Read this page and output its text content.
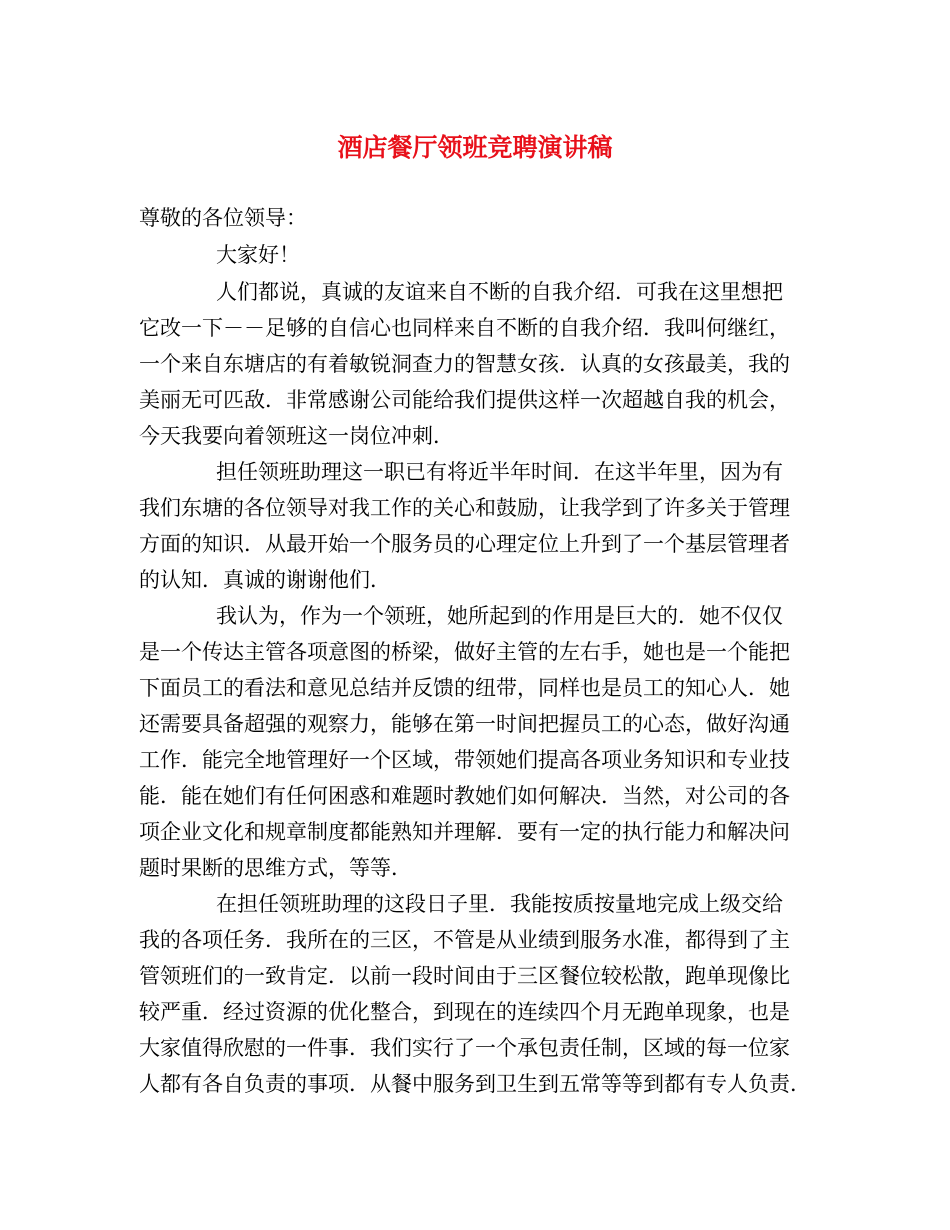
酒店餐厅领班竞聘演讲稿

尊敬的各位领导：

大家好！

人们都说，真诚的友谊来自不断的自我介绍．可我在这里想把

它改一下－－足够的自信心也同样来自不断的自我介绍．我叫何继红，

一个来自东塘店的有着敏锐洞查力的智慧女孩．认真的女孩最美，我的

美丽无可匹敌．非常感谢公司能给我们提供这样一次超越自我的机会，

今天我要向着领班这一岗位冲刺．

担任领班助理这一职已有将近半年时间．在这半年里，因为有

我们东塘的各位领导对我工作的关心和鼓励，让我学到了许多关于管理

方面的知识．从最开始一个服务员的心理定位上升到了一个基层管理者

的认知．真诚的谢谢他们．

我认为，作为一个领班，她所起到的作用是巨大的．她不仅仅

是一个传达主管各项意图的桥梁，做好主管的左右手，她也是一个能把

下面员工的看法和意见总结并反馈的纽带，同样也是员工的知心人．她

还需要具备超强的观察力，能够在第一时间把握员工的心态，做好沟通

工作．能完全地管理好一个区域，带领她们提高各项业务知识和专业技

能．能在她们有任何困惑和难题时教她们如何解决．当然，对公司的各

项企业文化和规章制度都能熟知并理解．要有一定的执行能力和解决问

题时果断的思维方式，等等．

在担任领班助理的这段日子里．我能按质按量地完成上级交给

我的各项任务．我所在的三区，不管是从业绩到服务水准，都得到了主

管领班们的一致肯定．以前一段时间由于三区餐位较松散，跑单现像比

较严重．经过资源的优化整合，到现在的连续四个月无跑单现象，也是

大家值得欣慰的一件事．我们实行了一个承包责任制，区域的每一位家

人都有各自负责的事项．从餐中服务到卫生到五常等等到都有专人负责．
